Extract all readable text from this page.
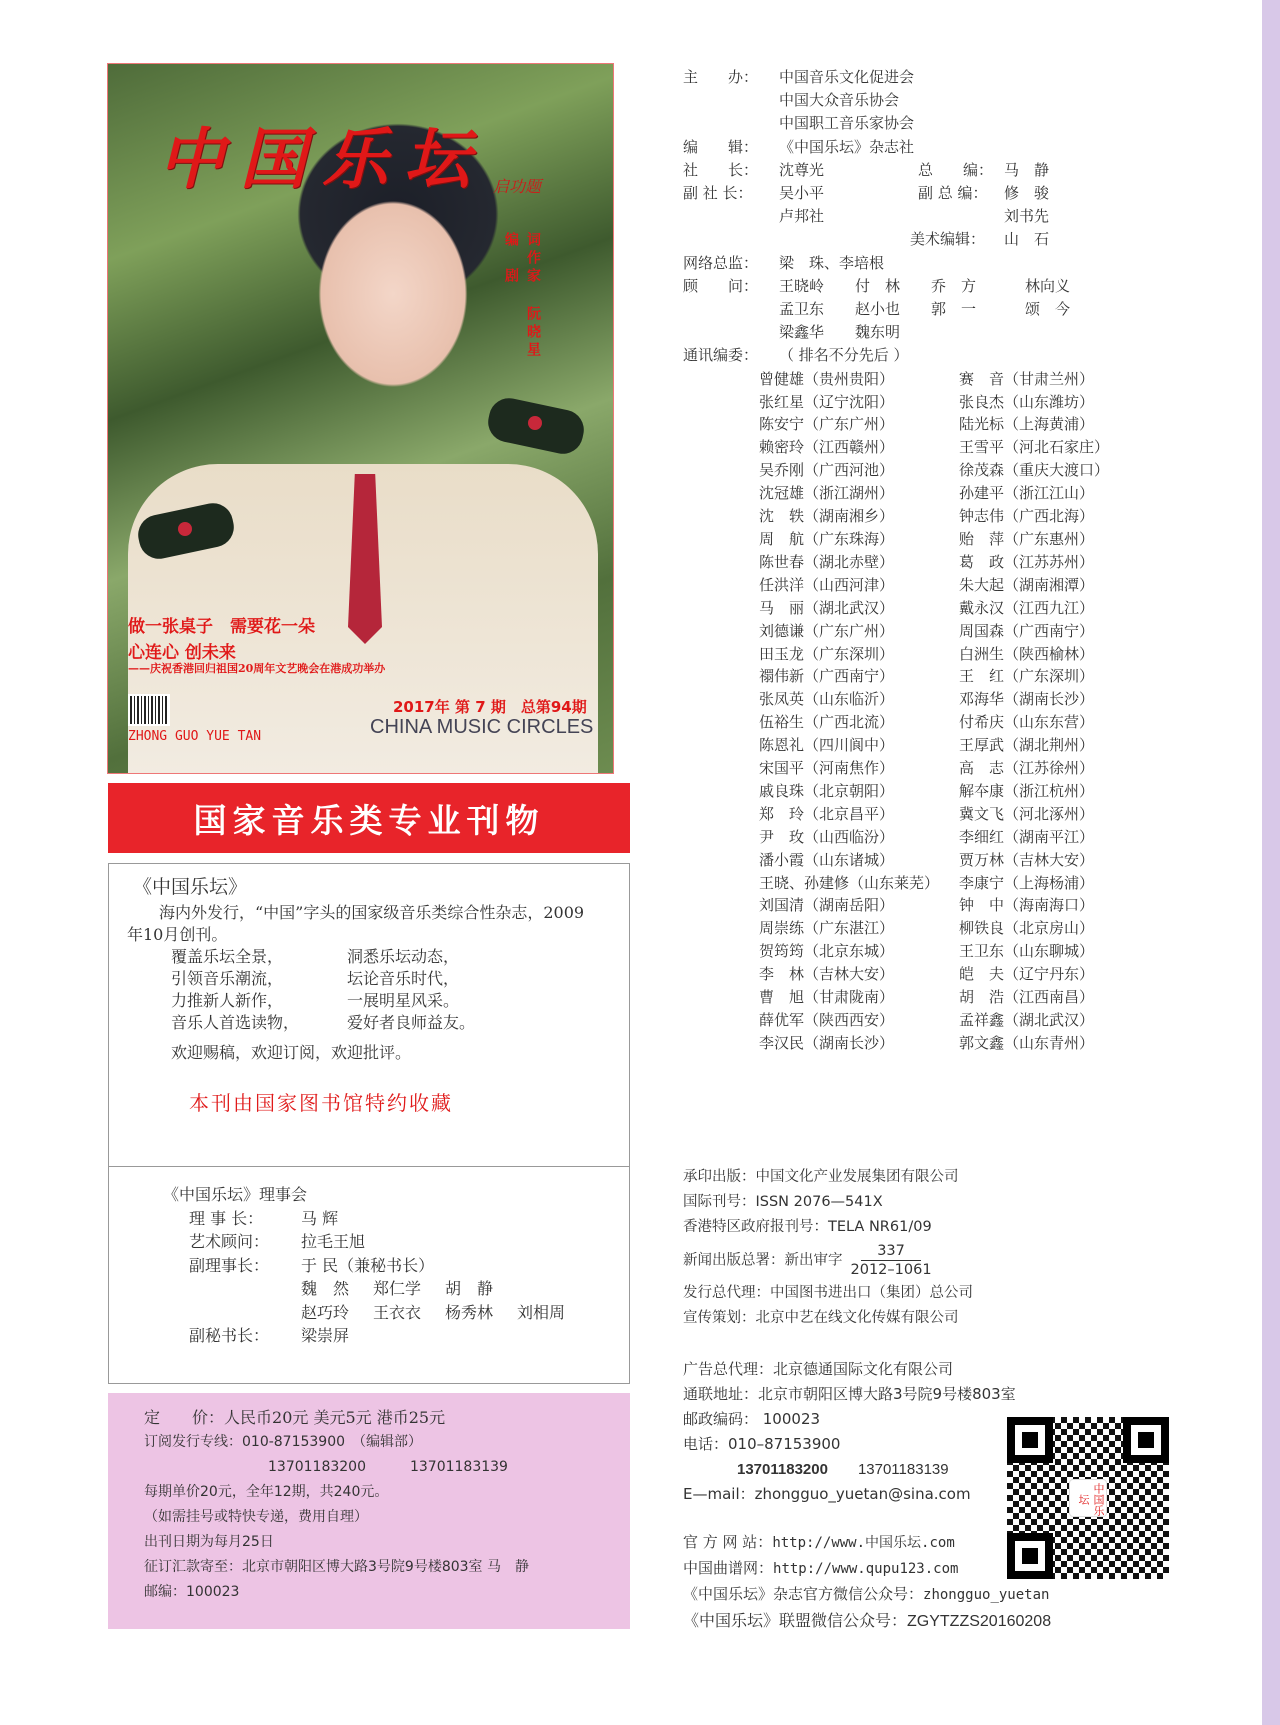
中国乐坛 启功题
词作家
编剧
阮晓星
做一张桌子　需要花一朵
心连心 创未来
——庆祝香港回归祖国20周年文艺晚会在港成功举办
2017年 第 7 期　总第94期
CHINA MUSIC CIRCLES
ZHONG GUO YUE TAN
国家音乐类专业刊物
《中国乐坛》
海内外发行，“中国”字头的国家级音乐类综合性杂志，2009年10月创刊。
覆盖乐坛全景，	洞悉乐坛动态，
引领音乐潮流，	坛论音乐时代，
力推新人新作，	一展明星风采。
音乐人首选读物，	爱好者良师益友。
欢迎赐稿，欢迎订阅，欢迎批评。
本刊由国家图书馆特约收藏
《中国乐坛》理事会
理 事 长：	马 辉
艺术顾问：	拉毛王旭
副理事长：	于 民（兼秘书长）
魏　然 郑仁学 胡　静
赵巧玲 王衣衣 杨秀林 刘相周
副秘书长：	梁崇屏
定　　价：人民币20元 美元5元 港币25元
订阅发行专线：010-87153900　（编辑部）
13701183200	13701183139
每期单价20元，全年12期，共240元。
（如需挂号或特快专递，费用自理）
出刊日期为每月25日
征订汇款寄至：北京市朝阳区博大路3号院9号楼803室 马　静
邮编：100023
主　　办：	中国音乐文化促进会
中国大众音乐协会
中国职工音乐家协会
编　　辑：	《中国乐坛》杂志社
社　　长：	沈尊光	总　　编： 马　静
副 社 长：	吴小平	副 总 编：	修　骏
卢邦社	刘书先
美术编辑：	山　石
网络总监：	梁　珠、李培根
顾　　问：	王晓岭	付　林	乔　方	林向义
孟卫东	赵小也	郭　一	颂　今
梁鑫华	魏东明
通讯编委：	（ 排名不分先后 ）
曾健雄（贵州贵阳）	赛　音（甘肃兰州）
张红星（辽宁沈阳）	张良杰（山东潍坊）
陈安宁（广东广州）	陆光标（上海黄浦）
赖密玲（江西赣州）	王雪平（河北石家庄）
吴乔刚（广西河池）	徐茂森（重庆大渡口）
沈冠雄（浙江湖州）	孙建平（浙江江山）
沈　轶（湖南湘乡）	钟志伟（广西北海）
周　航（广东珠海）	贻　萍（广东惠州）
陈世春（湖北赤壁）	葛　政（江苏苏州）
任洪洋（山西河津）	朱大起（湖南湘潭）
马　丽（湖北武汉）	戴永汉（江西九江）
刘德谦（广东广州）	周国森（广西南宁）
田玉龙（广东深圳）	白洲生（陕西榆林）
禤伟新（广西南宁）	王　红（广东深圳）
张凤英（山东临沂）	邓海华（湖南长沙）
伍裕生（广西北流）	付希庆（山东东营）
陈恩礼（四川阆中）	王厚武（湖北荆州）
宋国平（河南焦作）	高　志（江苏徐州）
戚良珠（北京朝阳）	解夲康（浙江杭州）
郑　玲（北京昌平）	冀文飞（河北涿州）
尹　玫（山西临汾）	李细红（湖南平江）
潘小霞（山东诸城）	贾万林（吉林大安）
王晓、孙建修（山东莱芜）	李康宁（上海杨浦）
刘国清（湖南岳阳）	钟　中（海南海口）
周崇练（广东湛江）	柳铁良（北京房山）
贺筠筠（北京东城）	王卫东（山东聊城）
李　林（吉林大安）	皑　夫（辽宁丹东）
曹　旭（甘肃陇南）	胡　浩（江西南昌）
薛优军（陕西西安）	孟祥鑫（湖北武汉）
李汉民（湖南长沙）	郭文鑫（山东青州）
承印出版：中国文化产业发展集团有限公司
国际刊号：ISSN 2076—541X
香港特区政府报刊号：TELA NR61/09
新闻出版总署：新出审字 $\frac{337}{2012-1061}$
发行总代理：中国图书进出口（集团）总公司
宣传策划：北京中艺在线文化传媒有限公司
广告总代理：北京德通国际文化有限公司
通联地址：北京市朝阳区博大路3号院9号楼803室
邮政编码： 100023
电话：010–87153900
13701183200 13701183139
E—mail：zhongguo_yuetan@sina.com
官 方 网 站：http://www.中国乐坛.com
中国曲谱网：http://www.qupu123.com
《中国乐坛》杂志官方微信公众号：zhongguo_yuetan
《中国乐坛》联盟微信公众号：ZGYTZZS20160208
中国乐坛
